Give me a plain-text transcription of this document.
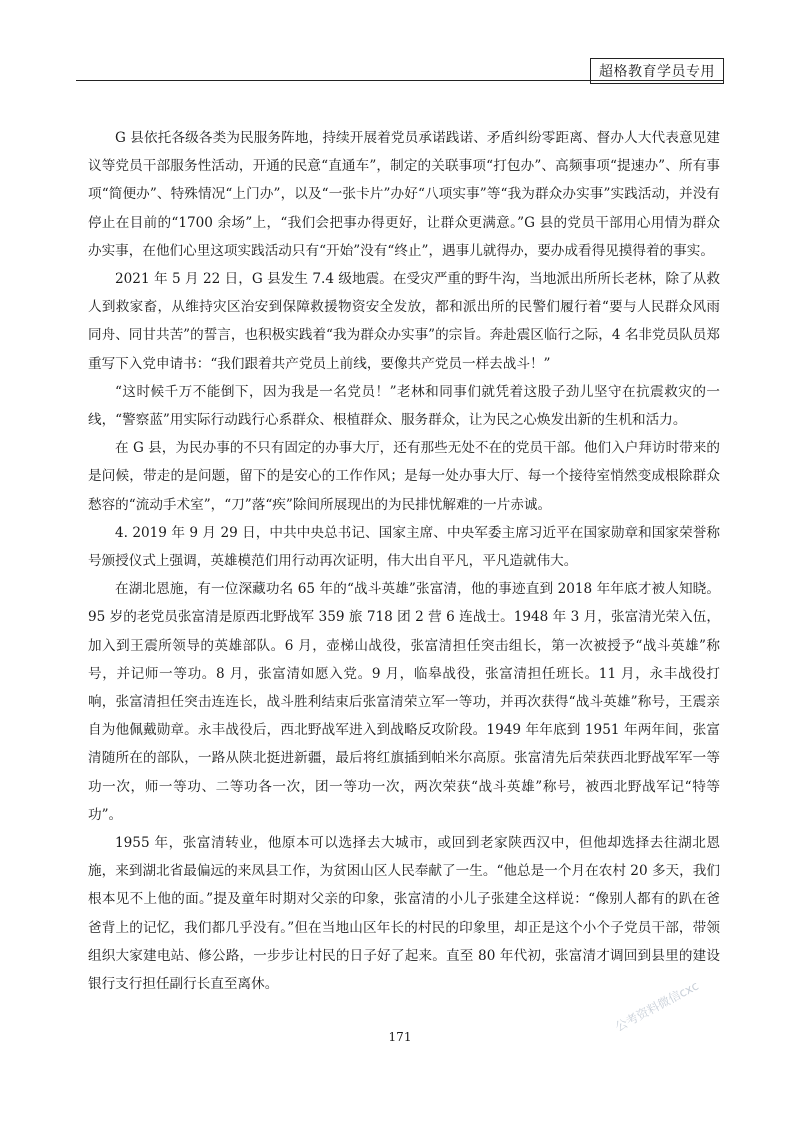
超格教育学员专用

G 县依托各级各类为民服务阵地，持续开展着党员承诺践诺、矛盾纠纷零距离、督办人大代表意见建议等党员干部服务性活动，开通的民意“直通车”，制定的关联事项“打包办”、高频事项“提速办”、所有事项“简便办”、特殊情况“上门办”，以及“一张卡片”办好“八项实事”等“我为群众办实事”实践活动，并没有停止在目前的“1700 余场”上，“我们会把事办得更好，让群众更满意。”G 县的党员干部用心用情为群众办实事，在他们心里这项实践活动只有“开始”没有“终止”，遇事儿就得办，要办成看得见摸得着的事实。

2021 年 5 月 22 日，G 县发生 7.4 级地震。在受灾严重的野牛沟，当地派出所所长老林，除了从救人到救家畜，从维持灾区治安到保障救援物资安全发放，都和派出所的民警们履行着“要与人民群众风雨同舟、同甘共苦”的誓言，也积极实践着“我为群众办实事”的宗旨。奔赴震区临行之际，4 名非党员队员郑重写下入党申请书：“我们跟着共产党员上前线，要像共产党员一样去战斗！”

“这时候千万不能倒下，因为我是一名党员！”老林和同事们就凭着这股子劲儿坚守在抗震救灾的一线，“警察蓝”用实际行动践行心系群众、根植群众、服务群众，让为民之心焕发出新的生机和活力。

在 G 县，为民办事的不只有固定的办事大厅，还有那些无处不在的党员干部。他们入户拜访时带来的是问候，带走的是问题，留下的是安心的工作作风；是每一处办事大厅、每一个接待室悄然变成根除群众愁容的“流动手术室”，“刀”落“疾”除间所展现出的为民排忧解难的一片赤诚。

4. 2019 年 9 月 29 日，中共中央总书记、国家主席、中央军委主席习近平在国家勋章和国家荣誉称号颁授仪式上强调，英雄模范们用行动再次证明，伟大出自平凡，平凡造就伟大。

在湖北恩施，有一位深藏功名 65 年的“战斗英雄”张富清，他的事迹直到 2018 年年底才被人知晓。95 岁的老党员张富清是原西北野战军 359 旅 718 团 2 营 6 连战士。1948 年 3 月，张富清光荣入伍，加入到王震所领导的英雄部队。6 月，壶梯山战役，张富清担任突击组长，第一次被授予“战斗英雄”称号，并记师一等功。8 月，张富清如愿入党。9 月，临皋战役，张富清担任班长。11 月，永丰战役打响，张富清担任突击连连长，战斗胜利结束后张富清荣立军一等功，并再次获得“战斗英雄”称号，王震亲自为他佩戴勋章。永丰战役后，西北野战军进入到战略反攻阶段。1949 年年底到 1951 年两年间，张富清随所在的部队，一路从陕北挺进新疆，最后将红旗插到帕米尔高原。张富清先后荣获西北野战军军一等功一次，师一等功、二等功各一次，团一等功一次，两次荣获“战斗英雄”称号，被西北野战军记“特等功”。

1955 年，张富清转业，他原本可以选择去大城市，或回到老家陕西汉中，但他却选择去往湖北恩施，来到湖北省最偏远的来凤县工作，为贫困山区人民奉献了一生。“他总是一个月在农村 20 多天，我们根本见不上他的面。”提及童年时期对父亲的印象，张富清的小儿子张建全这样说：“像别人都有的趴在爸爸背上的记忆，我们都几乎没有。”但在当地山区年长的村民的印象里，却正是这个小个子党员干部，带领组织大家建电站、修公路，一步步让村民的日子好了起来。直至 80 年代初，张富清才调回到县里的建设银行支行担任副行长直至离休。

171
公考资料微信cxc
